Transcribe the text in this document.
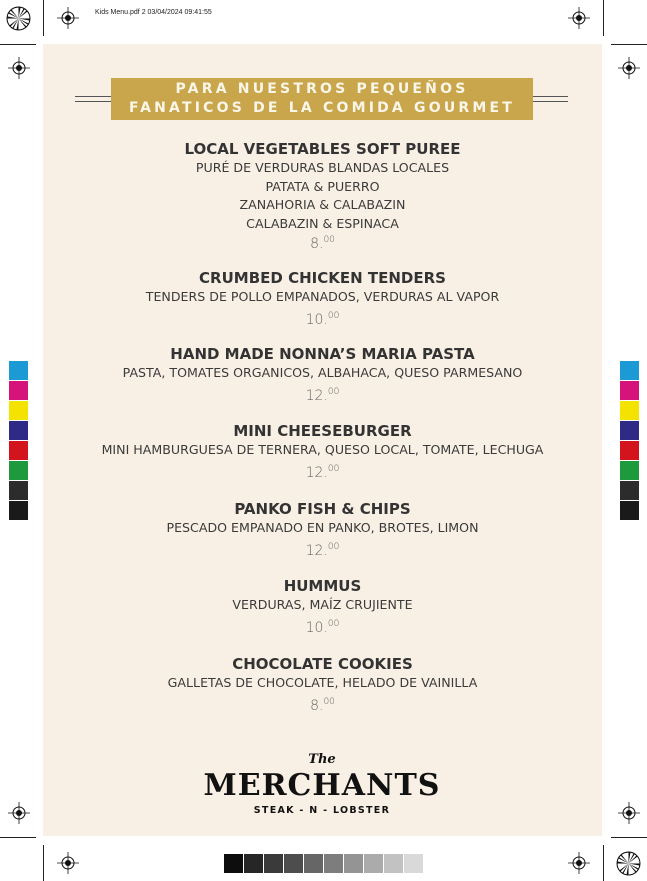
Kids Menu.pdf 2 03/04/2024 09:41:55
PARA NUESTROS PEQUEÑOS
FANATICOS DE LA COMIDA GOURMET
LOCAL VEGETABLES SOFT PUREE
PURÉ DE VERDURAS BLANDAS LOCALES
PATATA & PUERRO
ZANAHORIA & CALABAZIN
CALABAZIN & ESPINACA
8.00
CRUMBED CHICKEN TENDERS
TENDERS DE POLLO EMPANADOS, VERDURAS AL VAPOR
10.00
HAND MADE NONNA’S MARIA PASTA
PASTA, TOMATES ORGANICOS, ALBAHACA, QUESO PARMESANO
12.00
MINI CHEESEBURGER
MINI HAMBURGUESA DE TERNERA, QUESO LOCAL, TOMATE, LECHUGA
12.00
PANKO FISH & CHIPS
PESCADO EMPANADO EN PANKO, BROTES, LIMON
12.00
HUMMUS
VERDURAS, MAÍZ CRUJIENTE
10.00
CHOCOLATE COOKIES
GALLETAS DE CHOCOLATE, HELADO DE VAINILLA
8.00
The
MERCHANTS
STEAK - N - LOBSTER
